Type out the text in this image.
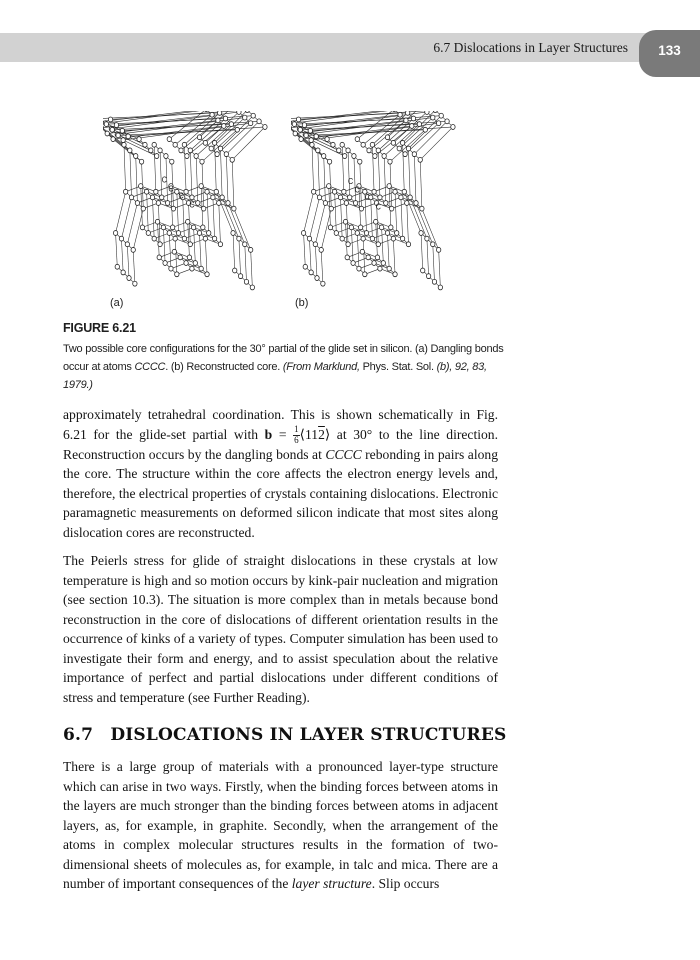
6.7 Dislocations in Layer Structures 133
C
C
C
C
C
C
C
C
(a)	(b)
FIGURE 6.21
Two possible core configurations for the 30° partial of the glide set in silicon. (a) Dangling bonds occur at atoms CCCC. (b) Reconstructed core. (From Marklund, Phys. Stat. Sol. (b), 92, 83, 1979.)

approximately tetrahedral coordination. This is shown schematically in Fig. 6.21 for the glide-set partial with $b = \frac{1}{6}$ ⟨112⟩ at 30° to the line direction. Reconstruction occurs by the dangling bonds at CCCC rebonding in pairs along the core. The structure within the core affects the electron energy levels and, therefore, the electrical properties of crystals containing dislocations. Electronic paramagnetic measurements on deformed silicon indicate that most sites along dislocation cores are reconstructed.

The Peierls stress for glide of straight dislocations in these crystals at low temperature is high and so motion occurs by kink-pair nucleation and migration (see section 10.3). The situation is more complex than in metals because bond reconstruction in the core of dislocations of different orientation results in the occurrence of kinks of a variety of types. Computer simulation has been used to investigate their form and energy, and to assist speculation about the relative importance of perfect and partial dislocations under different conditions of stress and temperature (see Further Reading).

6.7 DISLOCATIONS IN LAYER STRUCTURES

There is a large group of materials with a pronounced layer-type structure which can arise in two ways. Firstly, when the binding forces between atoms in the layers are much stronger than the binding forces between atoms in adjacent layers, as, for example, in graphite. Secondly, when the arrangement of the atoms in complex molecular structures results in the formation of two-dimensional sheets of molecules as, for example, in talc and mica. There are a number of important consequences of the layer structure. Slip occurs
